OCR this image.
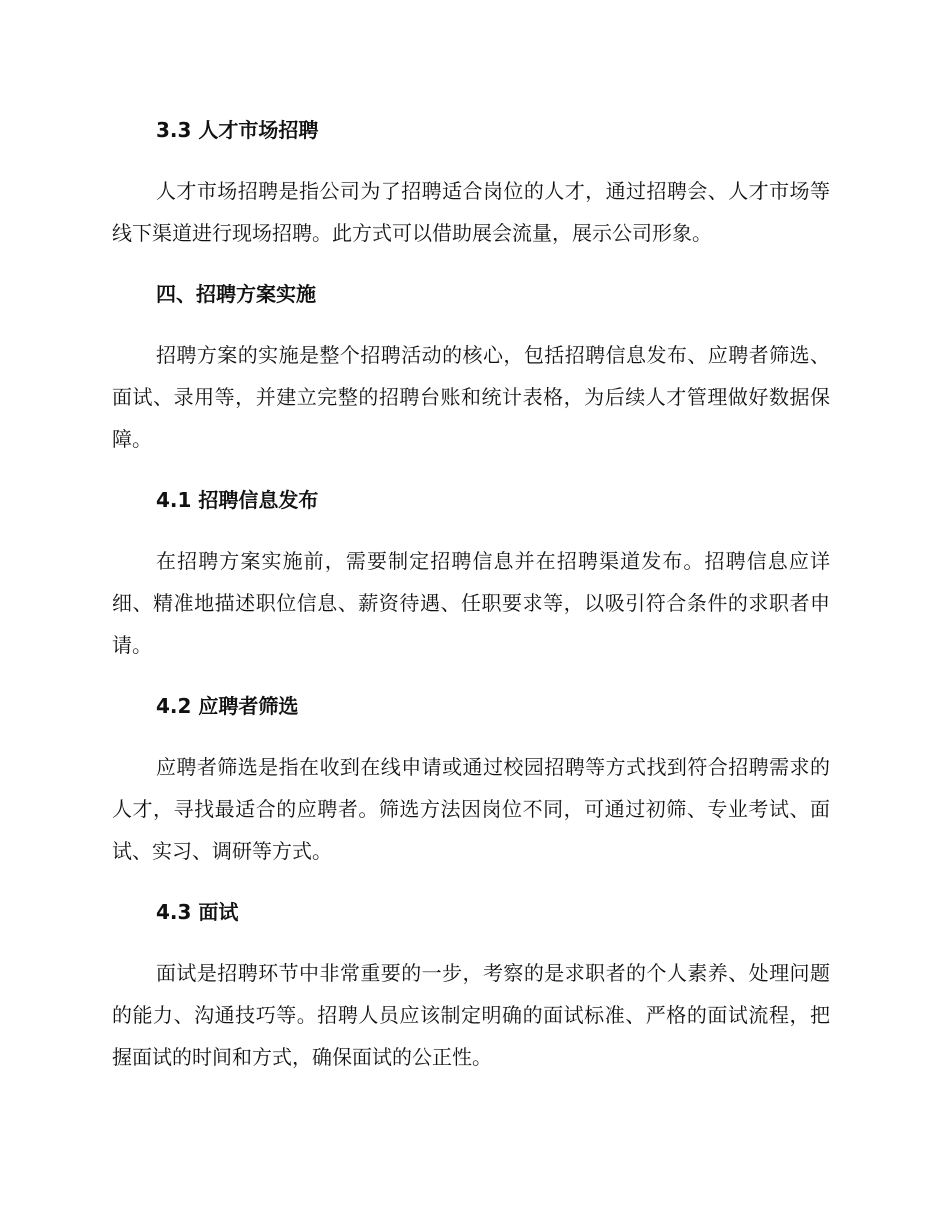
3.3 人才市场招聘

人才市场招聘是指公司为了招聘适合岗位的人才，通过招聘会、人才市场等线下渠道进行现场招聘。此方式可以借助展会流量，展示公司形象。

四、招聘方案实施

招聘方案的实施是整个招聘活动的核心，包括招聘信息发布、应聘者筛选、面试、录用等，并建立完整的招聘台账和统计表格，为后续人才管理做好数据保障。

4.1 招聘信息发布

在招聘方案实施前，需要制定招聘信息并在招聘渠道发布。招聘信息应详细、精准地描述职位信息、薪资待遇、任职要求等，以吸引符合条件的求职者申请。

4.2 应聘者筛选

应聘者筛选是指在收到在线申请或通过校园招聘等方式找到符合招聘需求的人才，寻找最适合的应聘者。筛选方法因岗位不同，可通过初筛、专业考试、面试、实习、调研等方式。

4.3 面试

面试是招聘环节中非常重要的一步，考察的是求职者的个人素养、处理问题的能力、沟通技巧等。招聘人员应该制定明确的面试标准、严格的面试流程，把握面试的时间和方式，确保面试的公正性。
